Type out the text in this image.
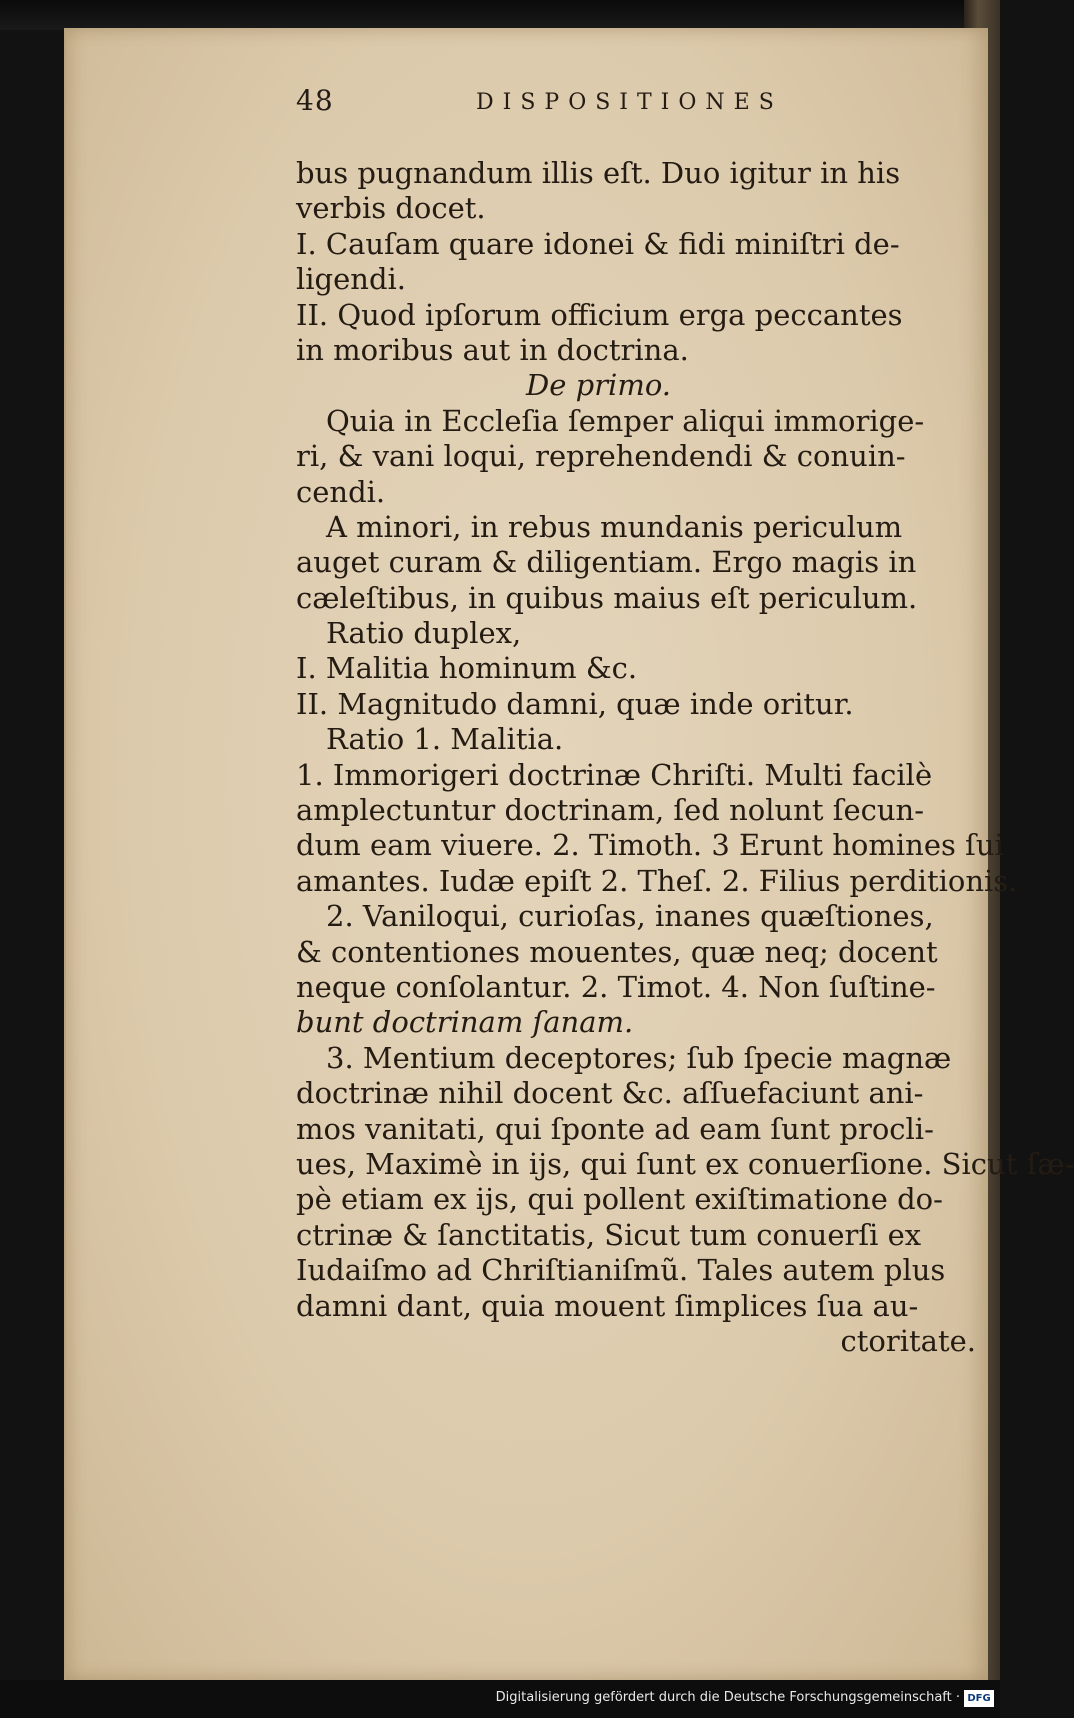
48	DISPOSITIONES
bus pugnandum illis eſt. Duo igitur in his
verbis docet.
I. Cauſam quare idonei & fidi miniſtri de-
ligendi.
II. Quod ipſorum officium erga peccantes
in moribus aut in doctrina.
De primo.
Quia in Eccleſia ſemper aliqui immorige-
ri, & vani loqui, reprehendendi & conuin-
cendi.
A minori, in rebus mundanis periculum
auget curam & diligentiam. Ergo magis in
cæleſtibus, in quibus maius eſt periculum.
Ratio duplex,
I. Malitia hominum &c.
II. Magnitudo damni, quæ inde oritur.
Ratio 1. Malitia.
1. Immorigeri doctrinæ Chriſti. Multi facilè
amplectuntur doctrinam, ſed nolunt ſecun-
dum eam viuere. 2. Timoth. 3 Erunt homines ſui
amantes. Iudæ epiſt 2. Theſ. 2. Filius perditionis.
2. Vaniloqui, curioſas, inanes quæſtiones,
& contentiones mouentes, quæ neq; docent
neque conſolantur. 2. Timot. 4. Non ſuſtine-
bunt doctrinam ſanam.
3. Mentium deceptores; ſub ſpecie magnæ
doctrinæ nihil docent &c. aſſuefaciunt ani-
mos vanitati, qui ſponte ad eam ſunt procli-
ues, Maximè in ijs, qui ſunt ex conuerſione. Sicut ſæ-
pè etiam ex ijs, qui pollent exiſtimatione do-
ctrinæ & ſanctitatis, Sicut tum conuerſi ex
Iudaiſmo ad Chriſtianiſmũ. Tales autem plus
damni dant, quia mouent ſimplices ſua au-
ctoritate.
Digitalisierung gefördert durch die Deutsche Forschungsgemeinschaft · DFG
